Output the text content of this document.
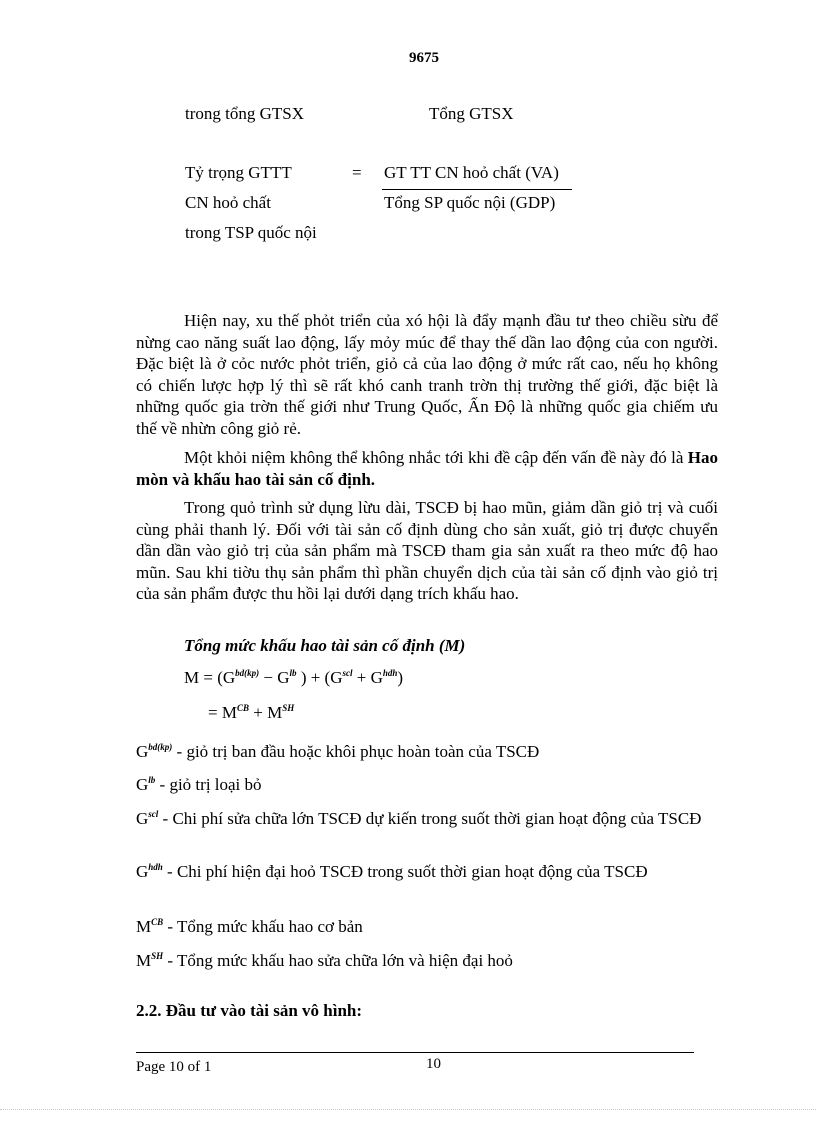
9675
trong tổng GTSX	Tổng GTSX
Tỷ trọng GTTT
CN hoỏ chất
trong TSP quốc nội
= GT TT CN hoỏ chất (VA)
Tổng SP quốc nội (GDP)
Hiện nay, xu thế phỏt triển của xó hội là đẩy mạnh đầu tư theo chiều sừu để nừng cao năng suất lao động, lấy mỏy múc để thay thế dần lao động của con người. Đặc biệt là ở cỏc nước phỏt triển, giỏ cả của lao động ở mức rất cao, nếu họ không có chiến lược hợp lý thì sẽ rất khó canh tranh trờn thị trường thế giới, đặc biệt là những quốc gia trờn thế giới như Trung Quốc, Ấn Độ là những quốc gia chiếm ưu thế về nhừn công giỏ rẻ.
Một khỏi niệm không thể không nhắc tới khi đề cập đến vấn đề này đó là Hao mòn và khấu hao tài sản cố định.
Trong quỏ trình sử dụng lừu dài, TSCĐ bị hao mũn, giảm dần giỏ trị và cuối cùng phải thanh lý. Đối với tài sản cố định dùng cho sản xuất, giỏ trị được chuyển dần dần vào giỏ trị của sản phẩm mà TSCĐ tham gia sản xuất ra theo mức độ hao mũn. Sau khi tiờu thụ sản phẩm thì phần chuyển dịch của tài sản cố định vào giỏ trị của sản phẩm được thu hồi lại dưới dạng trích khấu hao.
Tổng mức khấu hao tài sản cố định (M)
$M = (G^{bd(kp)} - G^{lb}$ ) + $(G^{scl} + G^{hdh})$
= $M^{CB} + M^{SH}$
$G^{bd(kp)}$ - giỏ trị ban đầu hoặc khôi phục hoàn toàn của TSCĐ
$G^{lb}$ - giỏ trị loại bỏ
$G^{scl}$ - Chi phí sửa chữa lớn TSCĐ dự kiến trong suốt thời gian hoạt động của TSCĐ
$G^{hdh}$ - Chi phí hiện đại hoỏ TSCĐ trong suốt thời gian hoạt động của TSCĐ
$M^{CB}$ - Tổng mức khấu hao cơ bản
$M^{SH}$ - Tổng mức khấu hao sửa chữa lớn và hiện đại hoỏ
2.2. Đầu tư vào tài sản vô hình:
Page 10 of 1	10
